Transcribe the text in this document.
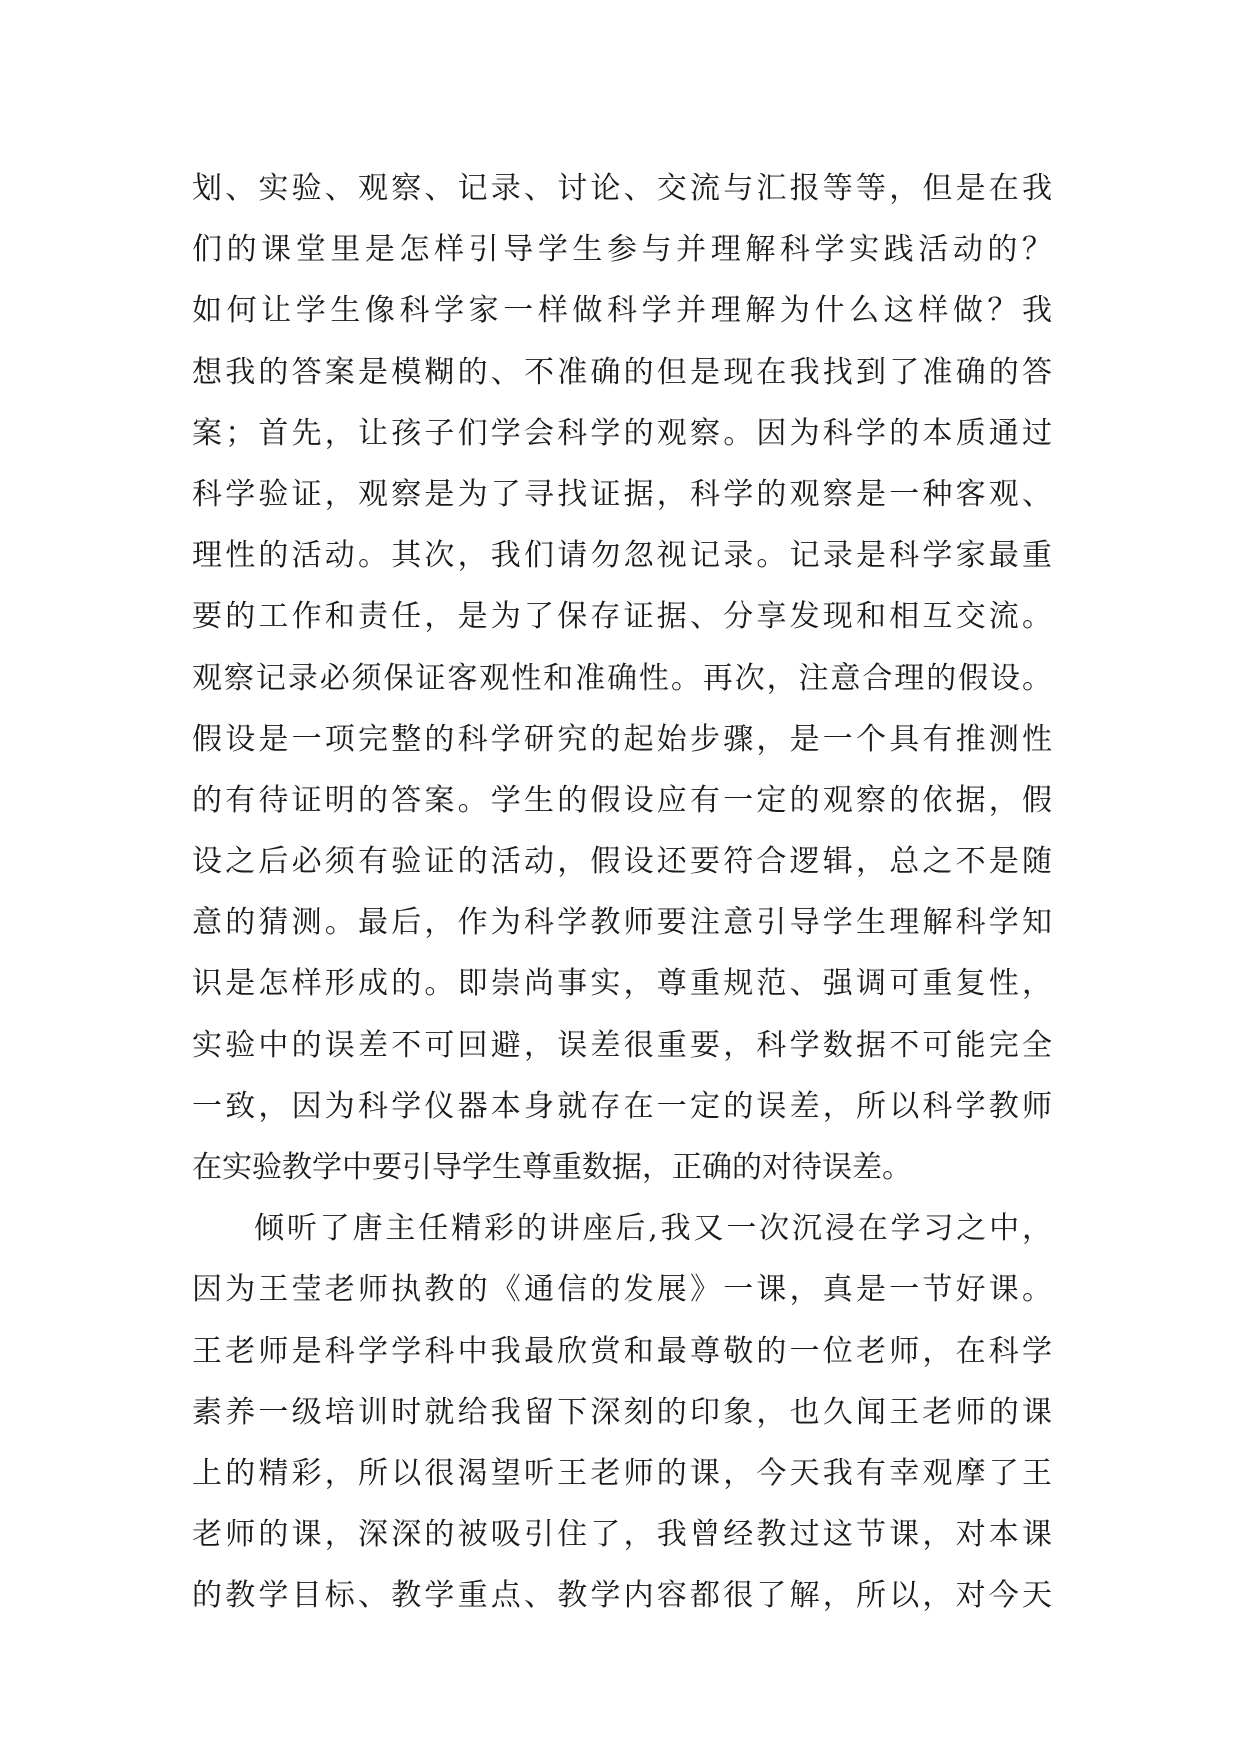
划、实验、观察、记录、讨论、交流与汇报等等，但是在我
们的课堂里是怎样引导学生参与并理解科学实践活动的？
如何让学生像科学家一样做科学并理解为什么这样做？我
想我的答案是模糊的、不准确的但是现在我找到了准确的答
案；首先，让孩子们学会科学的观察。因为科学的本质通过
科学验证，观察是为了寻找证据，科学的观察是一种客观、
理性的活动。其次，我们请勿忽视记录。记录是科学家最重
要的工作和责任，是为了保存证据、分享发现和相互交流。
观察记录必须保证客观性和准确性。再次，注意合理的假设。
假设是一项完整的科学研究的起始步骤，是一个具有推测性
的有待证明的答案。学生的假设应有一定的观察的依据，假
设之后必须有验证的活动，假设还要符合逻辑，总之不是随
意的猜测。最后，作为科学教师要注意引导学生理解科学知
识是怎样形成的。即崇尚事实，尊重规范、强调可重复性，
实验中的误差不可回避，误差很重要，科学数据不可能完全
一致，因为科学仪器本身就存在一定的误差，所以科学教师
在实验教学中要引导学生尊重数据，正确的对待误差。
倾听了唐主任精彩的讲座后,我又一次沉浸在学习之中，
因为王莹老师执教的《通信的发展》一课，真是一节好课。
王老师是科学学科中我最欣赏和最尊敬的一位老师，在科学
素养一级培训时就给我留下深刻的印象，也久闻王老师的课
上的精彩，所以很渴望听王老师的课，今天我有幸观摩了王
老师的课，深深的被吸引住了，我曾经教过这节课，对本课
的教学目标、教学重点、教学内容都很了解，所以，对今天
